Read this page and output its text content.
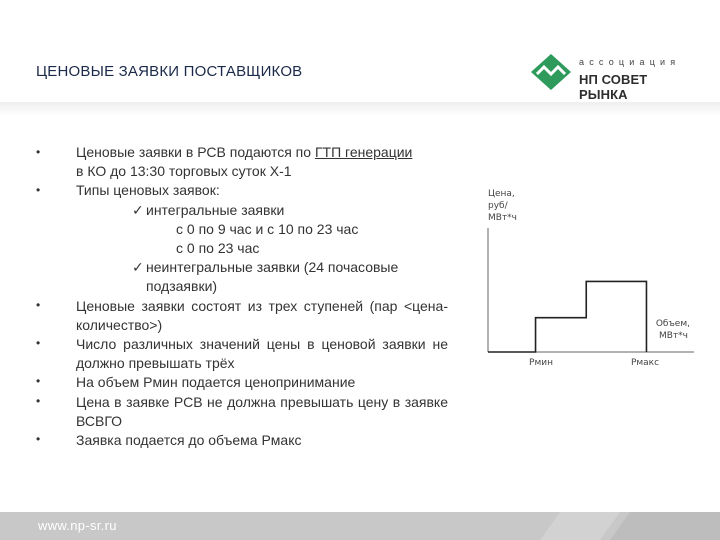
ЦЕНОВЫЕ ЗАЯВКИ ПОСТАВЩИКОВ
ассоциация
НП СОВЕТ РЫНКА
•
•
•
•
•
•
•

Ценовые заявки в РСВ подаются по ГТП генерации

в КО до 13:30 торговых суток Х-1

Типы ценовых заявок:

✓ интегральные заявки

с 0 по 9 час и с 10 по 23 час

с 0 по 23 час

✓ неинтегральные заявки (24 почасовые

подзаявки)

Ценовые заявки состоят из трех ступеней (пар <цена-количество>)

Число различных значений цены в ценовой заявки не должно превышать трёх

На объем Рмин подается ценопринимание

Цена в заявке РСВ не должна превышать цену в заявке ВСВГО

Заявка подается до объема Рмакс

Цена,
руб/
МВт*ч
Объем,
МВт*ч
Рмин	Рмакс
www.np-sr.ru
